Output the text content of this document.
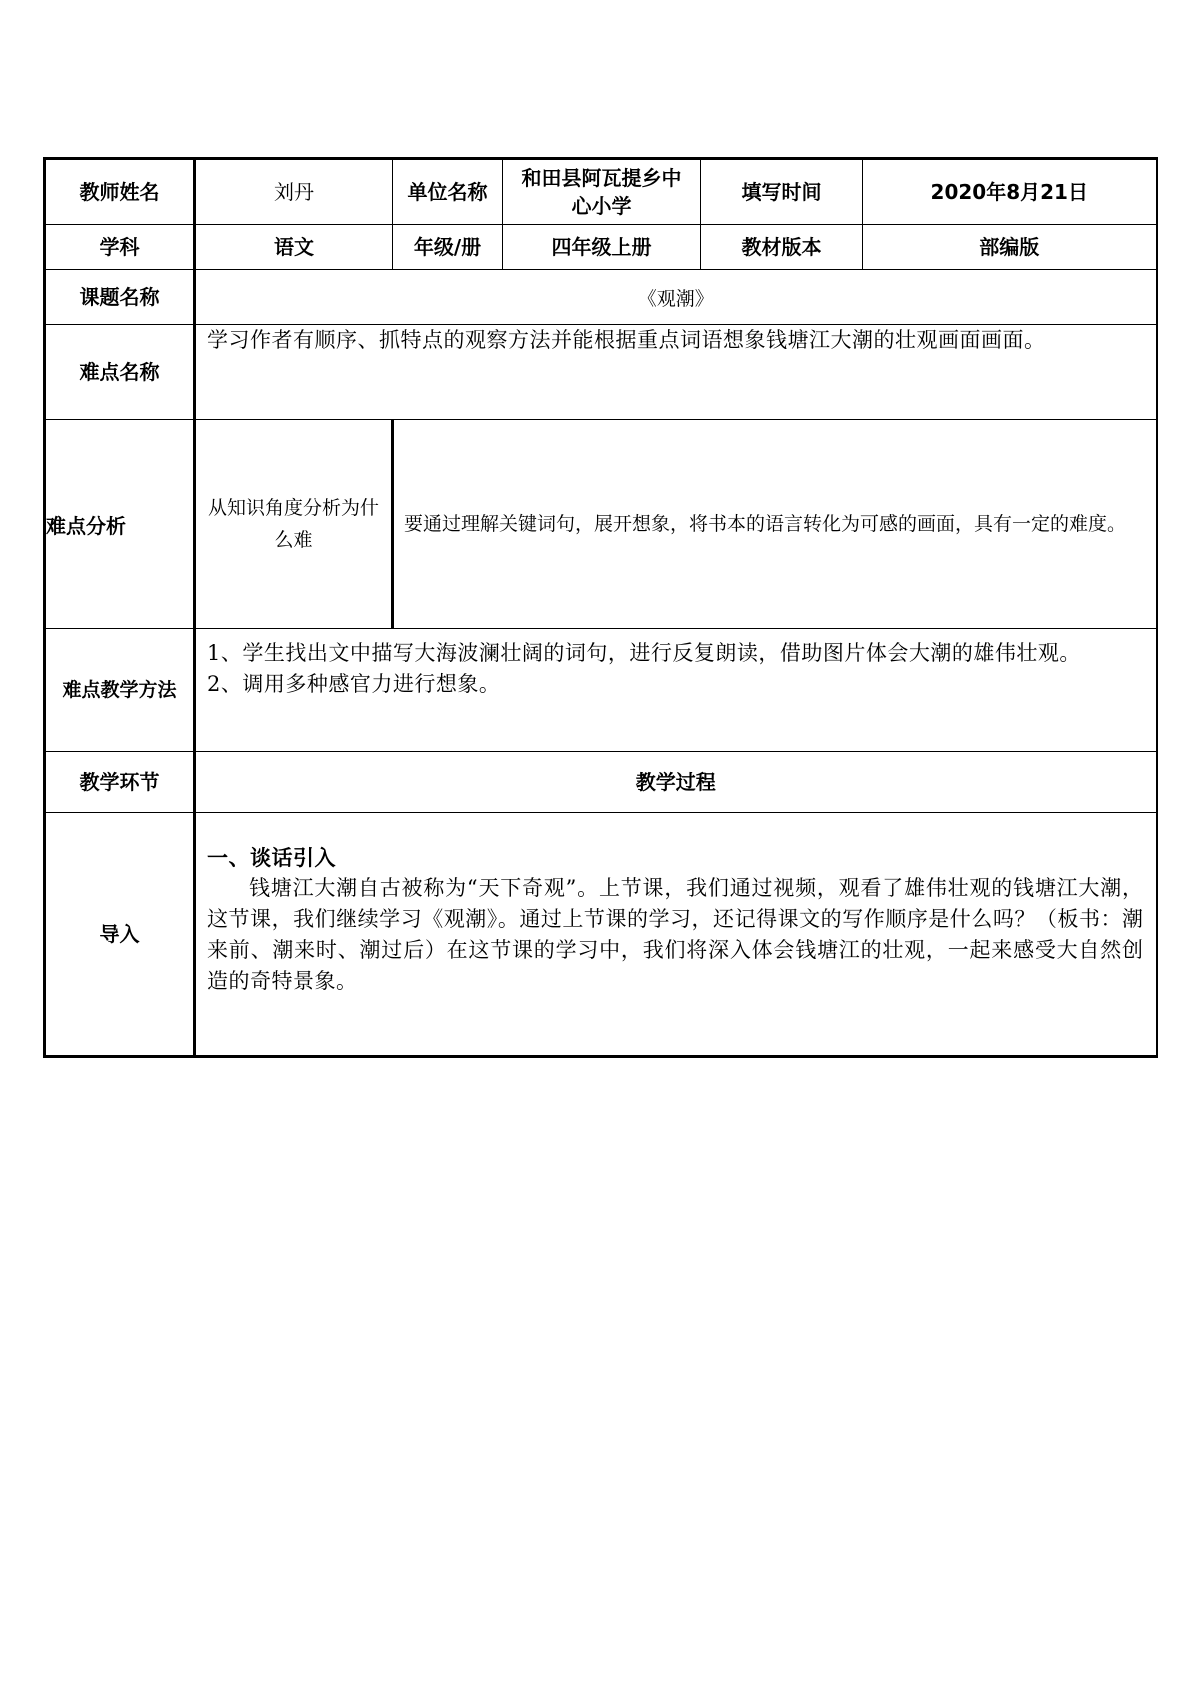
教师姓名	刘丹	单位名称	和田县阿瓦提乡中心小学	填写时间	2020年8月21日
学科	语文	年级/册	四年级上册	教材版本	部编版
课题名称	《观潮》				
难点名称	学习作者有顺序、抓特点的观察方法并能根据重点词语想象钱塘江大潮的壮观画面画面。				

难点分析	从知识角度分析为什么难	要通过理解关键词句，展开想象，将书本的语言转化为可感的画面，具有一定的难度。			

难点教学方法	1、学生找出文中描写大海波澜壮阔的词句，进行反复朗读，借助图片体会大潮的雄伟壮观。

2、调用多种感官力进行想象。				

教学环节	教学过程				
导入	一、谈话引入

钱塘江大潮自古被称为“天下奇观”。上节课，我们通过视频，观看了雄伟壮观的钱塘江大潮，这节课，我们继续学习《观潮》。通过上节课的学习，还记得课文的写作顺序是什么吗？（板书：潮来前、潮来时、潮过后）在这节课的学习中，我们将深入体会钱塘江的壮观，一起来感受大自然创造的奇特景象。				
